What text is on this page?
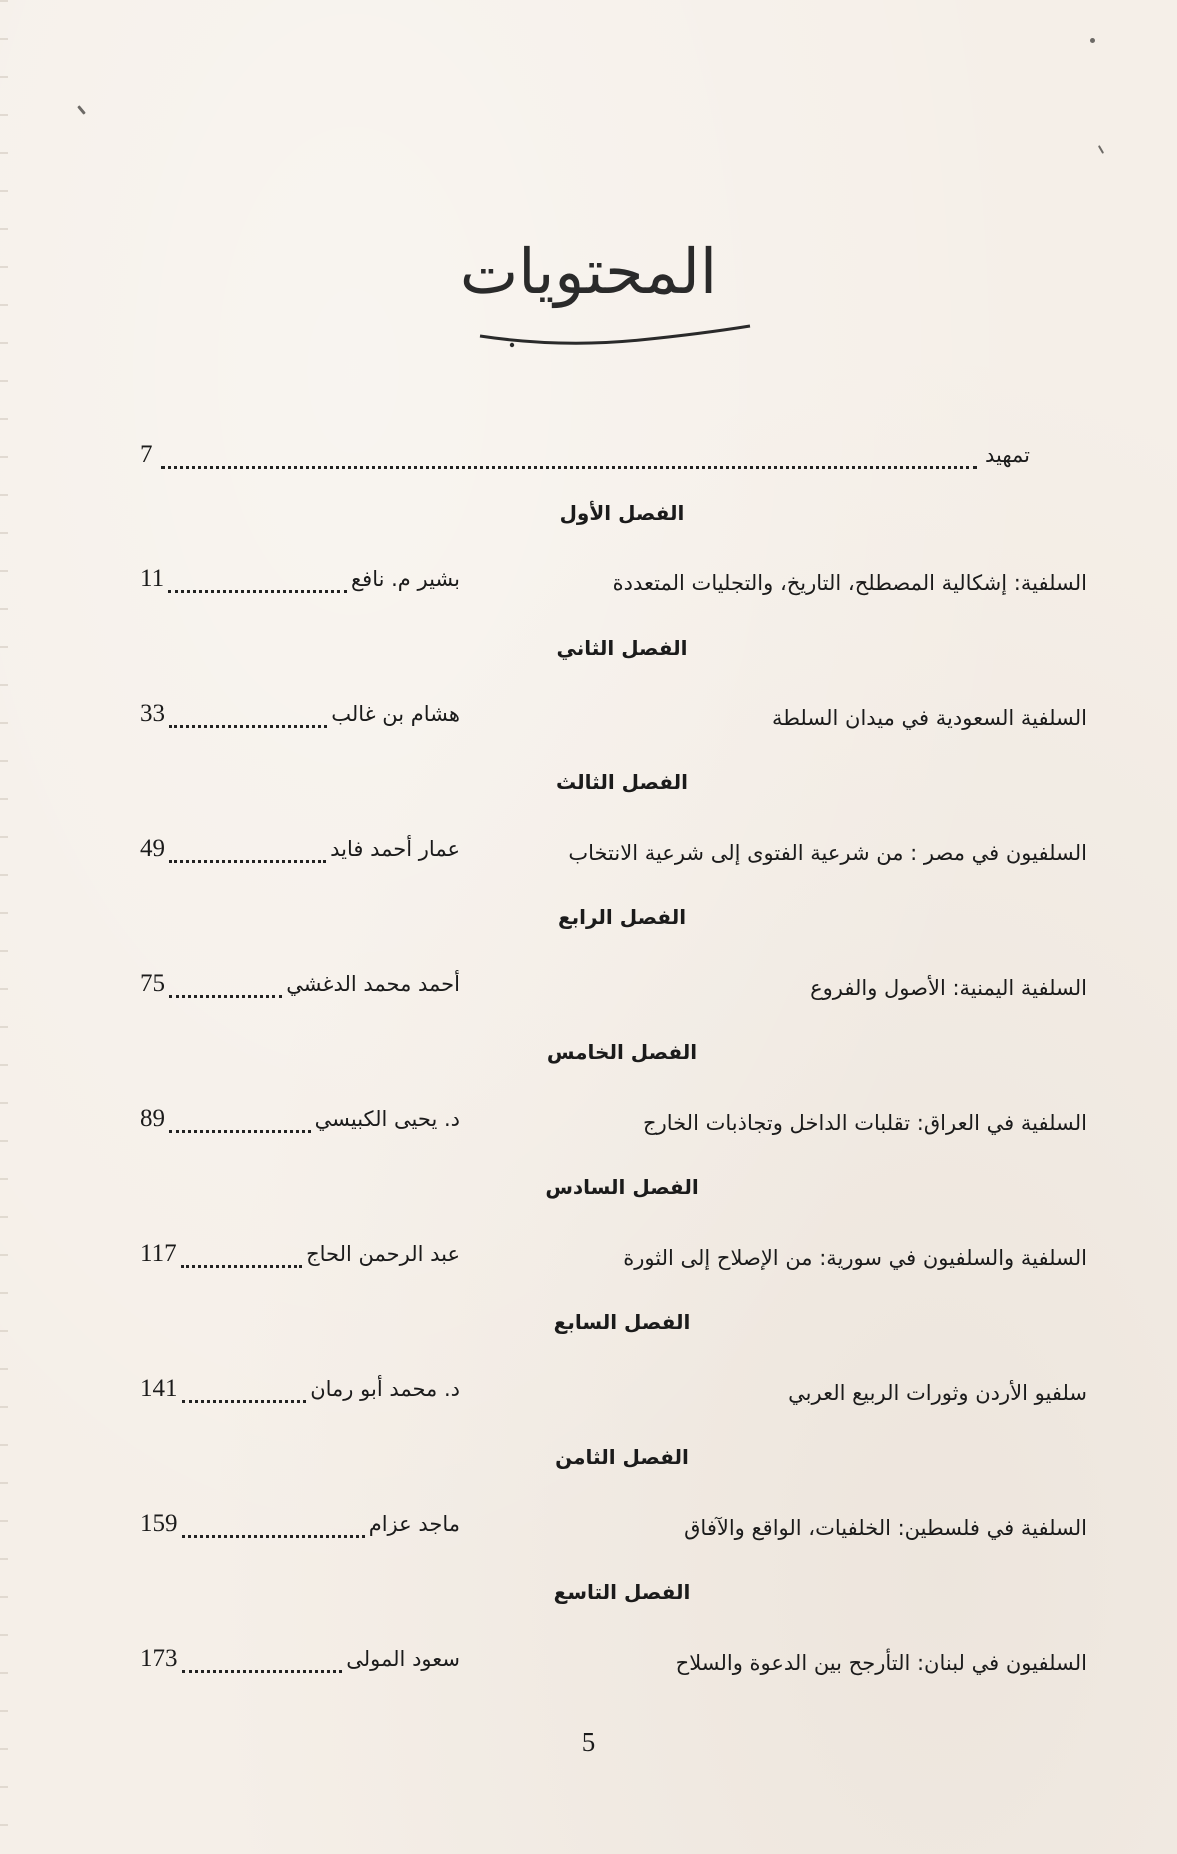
المحتويات
تمهيد
7
الفصل الأول
السلفية: إشكالية المصطلح، التاريخ، والتجليات المتعددة
بشير م. نافع
11
الفصل الثاني
السلفية السعودية في ميدان السلطة
هشام بن غالب
33
الفصل الثالث
السلفيون في مصر : من شرعية الفتوى إلى شرعية الانتخاب
عمار أحمد فايد
49
الفصل الرابع
السلفية اليمنية: الأصول والفروع
أحمد محمد الدغشي
75
الفصل الخامس
السلفية في العراق: تقلبات الداخل وتجاذبات الخارج
د. يحيى الكبيسي
89
الفصل السادس
السلفية والسلفيون في سورية: من الإصلاح إلى الثورة
عبد الرحمن الحاج
117
الفصل السابع
سلفيو الأردن وثورات الربيع العربي
د. محمد أبو رمان
141
الفصل الثامن
السلفية في فلسطين: الخلفيات، الواقع والآفاق
ماجد عزام
159
الفصل التاسع
السلفيون في لبنان: التأرجح بين الدعوة والسلاح
سعود المولى
173
5
